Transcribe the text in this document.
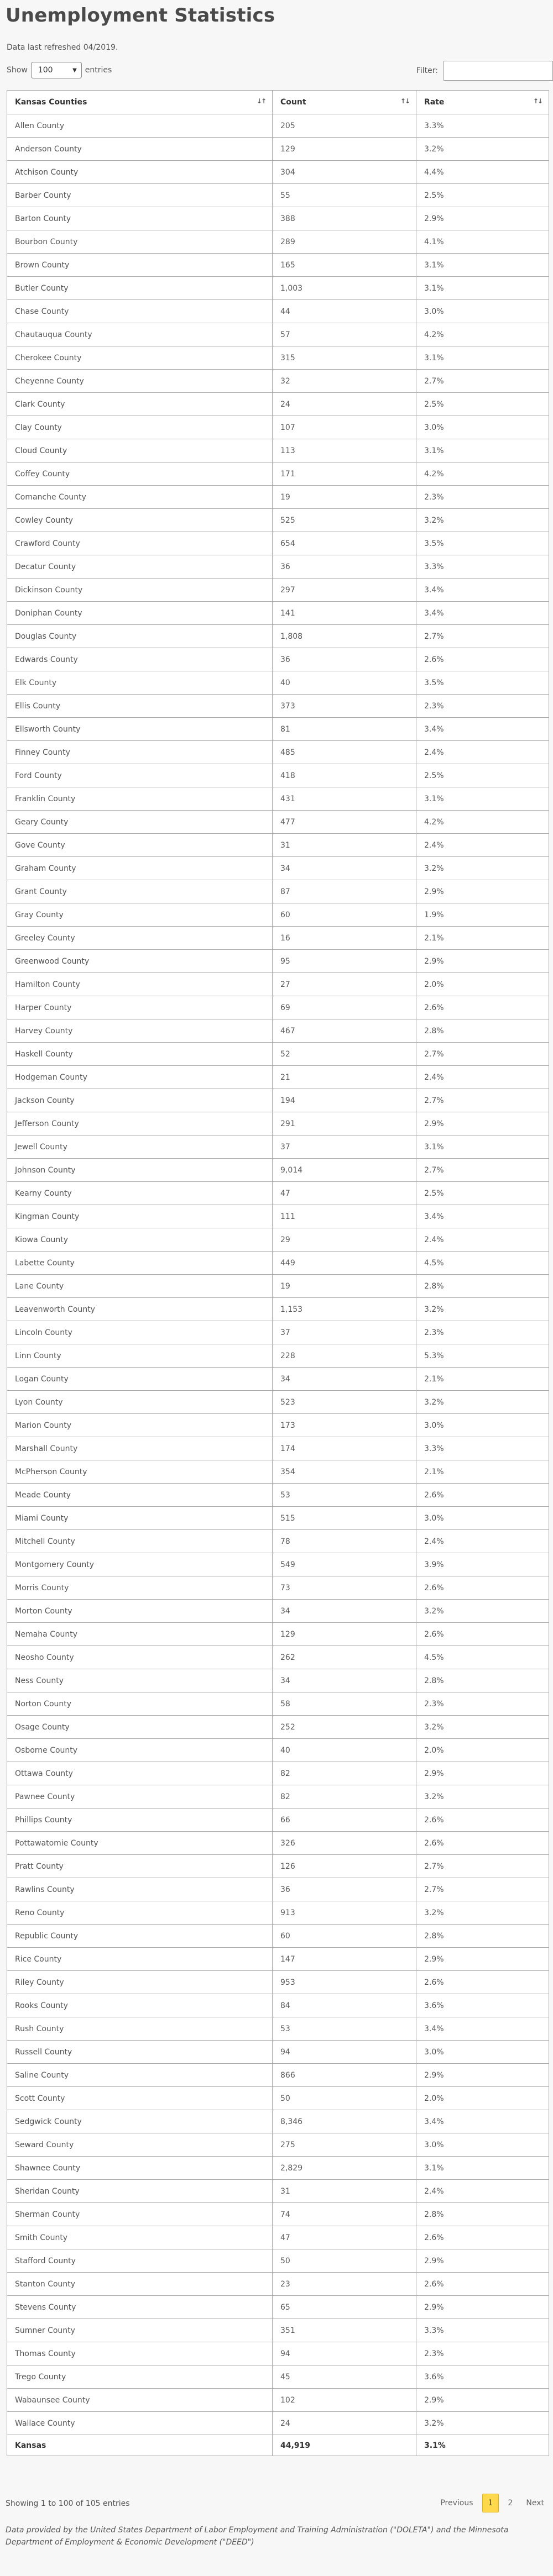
Unemployment Statistics
Data last refreshed 04/2019.
Show 100	▼ entries	Filter:
Kansas Counties ↓↑	Count ↑↓	Rate ↑↓

Allen County	205	3.3%
Anderson County	129	3.2%
Atchison County	304	4.4%
Barber County	55	2.5%
Barton County	388	2.9%
Bourbon County	289	4.1%
Brown County	165	3.1%
Butler County	1,003	3.1%
Chase County	44	3.0%
Chautauqua County	57	4.2%
Cherokee County	315	3.1%
Cheyenne County	32	2.7%
Clark County	24	2.5%
Clay County	107	3.0%
Cloud County	113	3.1%
Coffey County	171	4.2%
Comanche County	19	2.3%
Cowley County	525	3.2%
Crawford County	654	3.5%
Decatur County	36	3.3%
Dickinson County	297	3.4%
Doniphan County	141	3.4%
Douglas County	1,808	2.7%
Edwards County	36	2.6%
Elk County	40	3.5%
Ellis County	373	2.3%
Ellsworth County	81	3.4%
Finney County	485	2.4%
Ford County	418	2.5%
Franklin County	431	3.1%
Geary County	477	4.2%
Gove County	31	2.4%
Graham County	34	3.2%
Grant County	87	2.9%
Gray County	60	1.9%
Greeley County	16	2.1%
Greenwood County	95	2.9%
Hamilton County	27	2.0%
Harper County	69	2.6%
Harvey County	467	2.8%
Haskell County	52	2.7%
Hodgeman County	21	2.4%
Jackson County	194	2.7%
Jefferson County	291	2.9%
Jewell County	37	3.1%
Johnson County	9,014	2.7%
Kearny County	47	2.5%
Kingman County	111	3.4%
Kiowa County	29	2.4%
Labette County	449	4.5%
Lane County	19	2.8%
Leavenworth County	1,153	3.2%
Lincoln County	37	2.3%
Linn County	228	5.3%
Logan County	34	2.1%
Lyon County	523	3.2%
Marion County	173	3.0%
Marshall County	174	3.3%
McPherson County	354	2.1%
Meade County	53	2.6%
Miami County	515	3.0%
Mitchell County	78	2.4%
Montgomery County	549	3.9%
Morris County	73	2.6%
Morton County	34	3.2%
Nemaha County	129	2.6%
Neosho County	262	4.5%
Ness County	34	2.8%
Norton County	58	2.3%
Osage County	252	3.2%
Osborne County	40	2.0%
Ottawa County	82	2.9%
Pawnee County	82	3.2%
Phillips County	66	2.6%
Pottawatomie County	326	2.6%
Pratt County	126	2.7%
Rawlins County	36	2.7%
Reno County	913	3.2%
Republic County	60	2.8%
Rice County	147	2.9%
Riley County	953	2.6%
Rooks County	84	3.6%
Rush County	53	3.4%
Russell County	94	3.0%
Saline County	866	2.9%
Scott County	50	2.0%
Sedgwick County	8,346	3.4%
Seward County	275	3.0%
Shawnee County	2,829	3.1%
Sheridan County	31	2.4%
Sherman County	74	2.8%
Smith County	47	2.6%
Stafford County	50	2.9%
Stanton County	23	2.6%
Stevens County	65	2.9%
Sumner County	351	3.3%
Thomas County	94	2.3%
Trego County	45	3.6%
Wabaunsee County	102	2.9%
Wallace County	24	3.2%
Kansas	44,919	3.1%
Showing 1 to 100 of 105 entries	Previous	1	2	Next
Data provided by the United States Department of Labor Employment and Training Administration ("DOLETA") and the Minnesota Department of Employment & Economic Development ("DEED")
